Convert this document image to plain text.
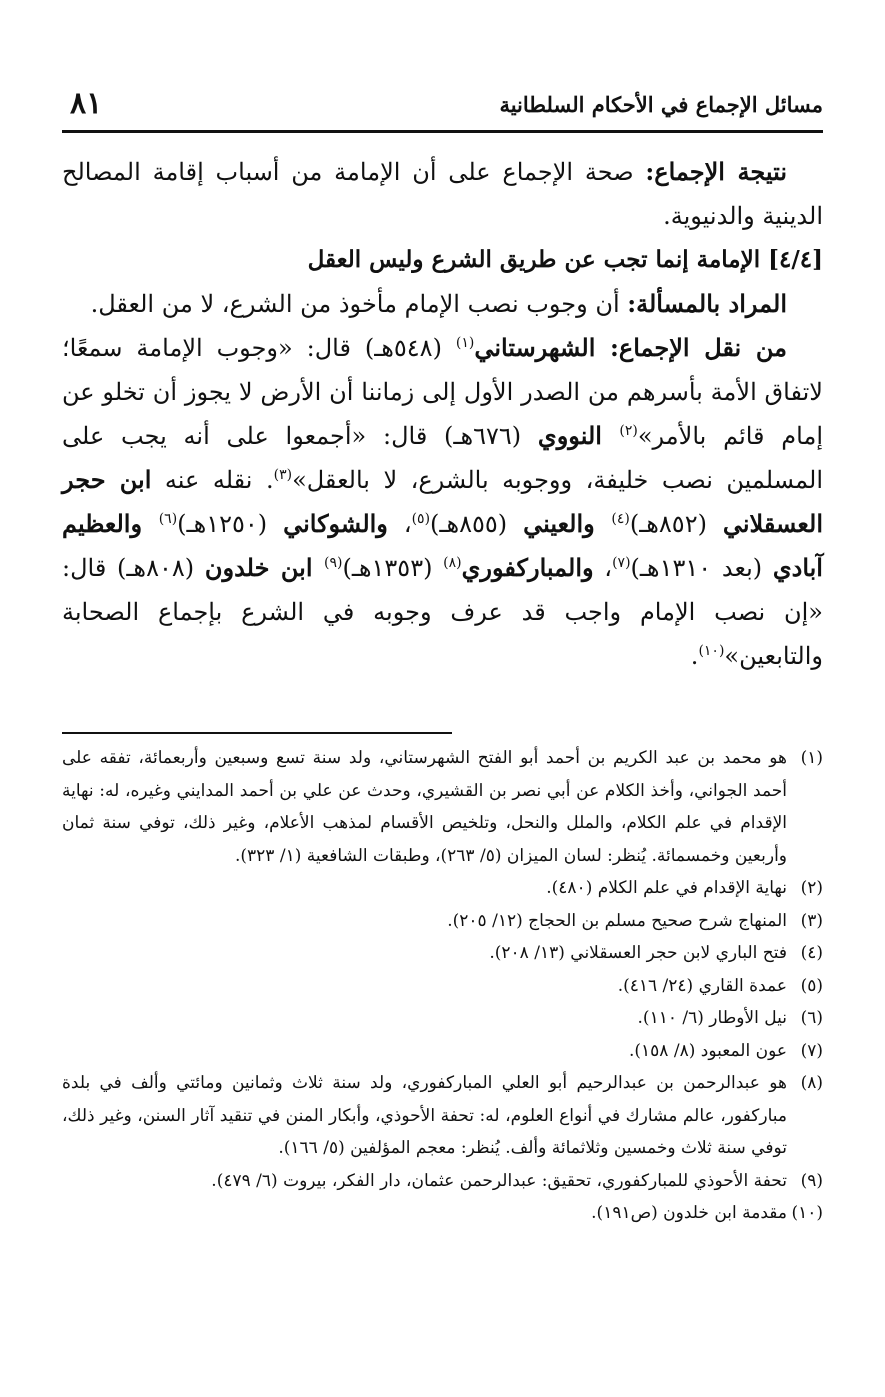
مسائل الإجماع في الأحكام السلطانية
٨١

نتيجة الإجماع: صحة الإجماع على أن الإمامة من أسباب إقامة المصالح الدينية والدنيوية.

[٤/٤] الإمامة إنما تجب عن طريق الشرع وليس العقل

المراد بالمسألة: أن وجوب نصب الإمام مأخوذ من الشرع، لا من العقل.

من نقل الإجماع: الشهرستاني$^{(١)}$ (٥٤٨هـ) قال: «وجوب الإمامة سمعًا؛ لاتفاق الأمة بأسرهم من الصدر الأول إلى زماننا أن الأرض لا يجوز أن تخلو عن إمام قائم بالأمر»$^{(٢)}$ النووي (٦٧٦هـ) قال: «أجمعوا على أنه يجب على المسلمين نصب خليفة، ووجوبه بالشرع، لا بالعقل»$^{(٣)}$. نقله عنه ابن حجر العسقلاني (٨٥٢هـ)$^{(٤)}$ والعيني (٨٥٥هـ)$^{(٥)}$، والشوكاني (١٢٥٠هـ)$^{(٦)}$ والعظيم آبادي (بعد ١٣١٠هـ)$^{(٧)}$، والمباركفوري$^{(٨)}$ (١٣٥٣هـ)$^{(٩)}$ ابن خلدون (٨٠٨هـ) قال: «إن نصب الإمام واجب قد عرف وجوبه في الشرع بإجماع الصحابة والتابعين»$^{(١٠)}$.

(١)
هو محمد بن عبد الكريم بن أحمد أبو الفتح الشهرستاني، ولد سنة تسع وسبعين وأربعمائة، تفقه على أحمد الجواني، وأخذ الكلام عن أبي نصر بن القشيري، وحدث عن علي بن أحمد المدايني وغيره، له: نهاية الإقدام في علم الكلام، والملل والنحل، وتلخيص الأقسام لمذهب الأعلام، وغير ذلك، توفي سنة ثمان وأربعين وخمسمائة. يُنظر: لسان الميزان (٥/ ٢٦٣)، وطبقات الشافعية (١/ ٣٢٣).
(٢)
نهاية الإقدام في علم الكلام (٤٨٠).
(٣)
المنهاج شرح صحيح مسلم بن الحجاج (١٢/ ٢٠٥).
(٤)
فتح الباري لابن حجر العسقلاني (١٣/ ٢٠٨).
(٥)
عمدة القاري (٢٤/ ٤١٦).
(٦)
نيل الأوطار (٦/ ١١٠).
(٧)
عون المعبود (٨/ ١٥٨).
(٨)
هو عبدالرحمن بن عبدالرحيم أبو العلي المباركفوري، ولد سنة ثلاث وثمانين ومائتي وألف في بلدة مباركفور، عالم مشارك في أنواع العلوم، له: تحفة الأحوذي، وأبكار المنن في تنقيد آثار السنن، وغير ذلك، توفي سنة ثلاث وخمسين وثلاثمائة وألف. يُنظر: معجم المؤلفين (٥/ ١٦٦).
(٩)
تحفة الأحوذي للمباركفوري، تحقيق: عبدالرحمن عثمان، دار الفكر، بيروت (٦/ ٤٧٩).
(١٠)
مقدمة ابن خلدون (ص١٩١).
